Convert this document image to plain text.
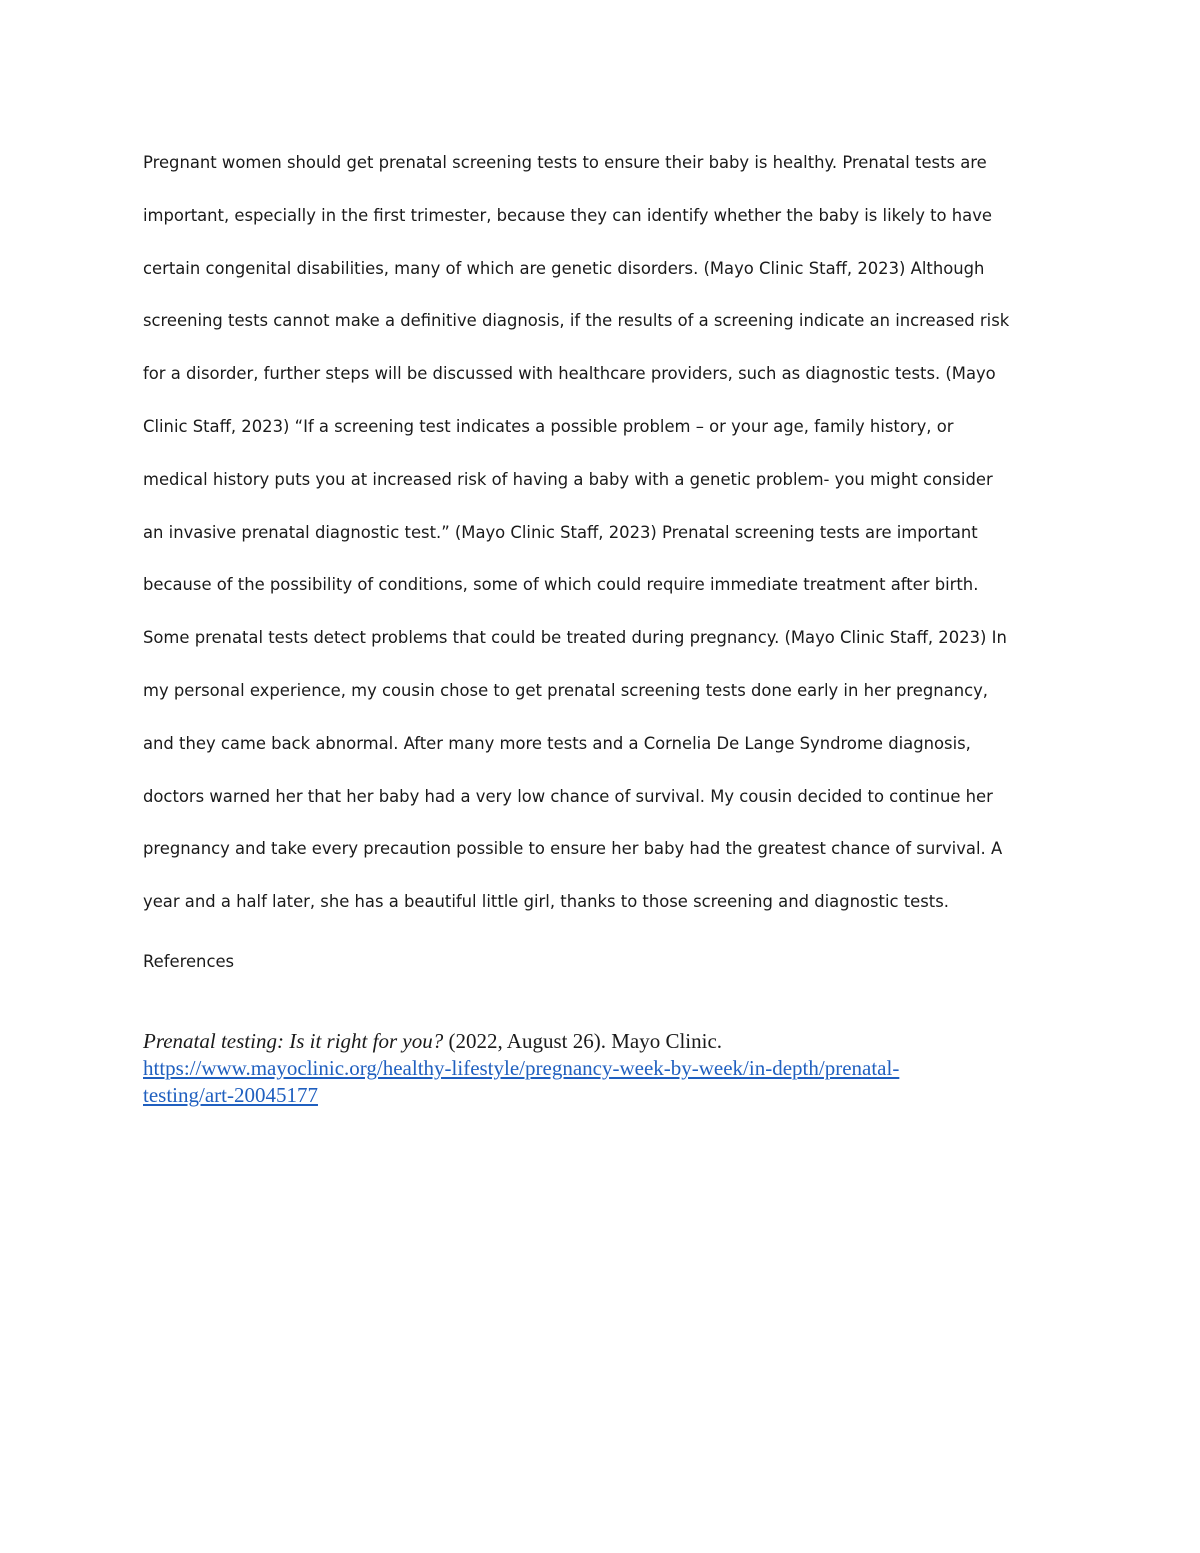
Pregnant women should get prenatal screening tests to ensure their baby is healthy. Prenatal tests are
important, especially in the first trimester, because they can identify whether the baby is likely to have
certain congenital disabilities, many of which are genetic disorders. (Mayo Clinic Staff, 2023) Although
screening tests cannot make a definitive diagnosis, if the results of a screening indicate an increased risk
for a disorder, further steps will be discussed with healthcare providers, such as diagnostic tests. (Mayo
Clinic Staff, 2023) “If a screening test indicates a possible problem – or your age, family history, or
medical history puts you at increased risk of having a baby with a genetic problem- you might consider
an invasive prenatal diagnostic test.” (Mayo Clinic Staff, 2023) Prenatal screening tests are important
because of the possibility of conditions, some of which could require immediate treatment after birth.
Some prenatal tests detect problems that could be treated during pregnancy. (Mayo Clinic Staff, 2023) In
my personal experience, my cousin chose to get prenatal screening tests done early in her pregnancy,
and they came back abnormal. After many more tests and a Cornelia De Lange Syndrome diagnosis,
doctors warned her that her baby had a very low chance of survival. My cousin decided to continue her
pregnancy and take every precaution possible to ensure her baby had the greatest chance of survival. A
year and a half later, she has a beautiful little girl, thanks to those screening and diagnostic tests.
References
Prenatal testing: Is it right for you? (2022, August 26). Mayo Clinic.
https://www.mayoclinic.org/healthy-lifestyle/pregnancy-week-by-week/in-depth/prenatal-
testing/art-20045177
